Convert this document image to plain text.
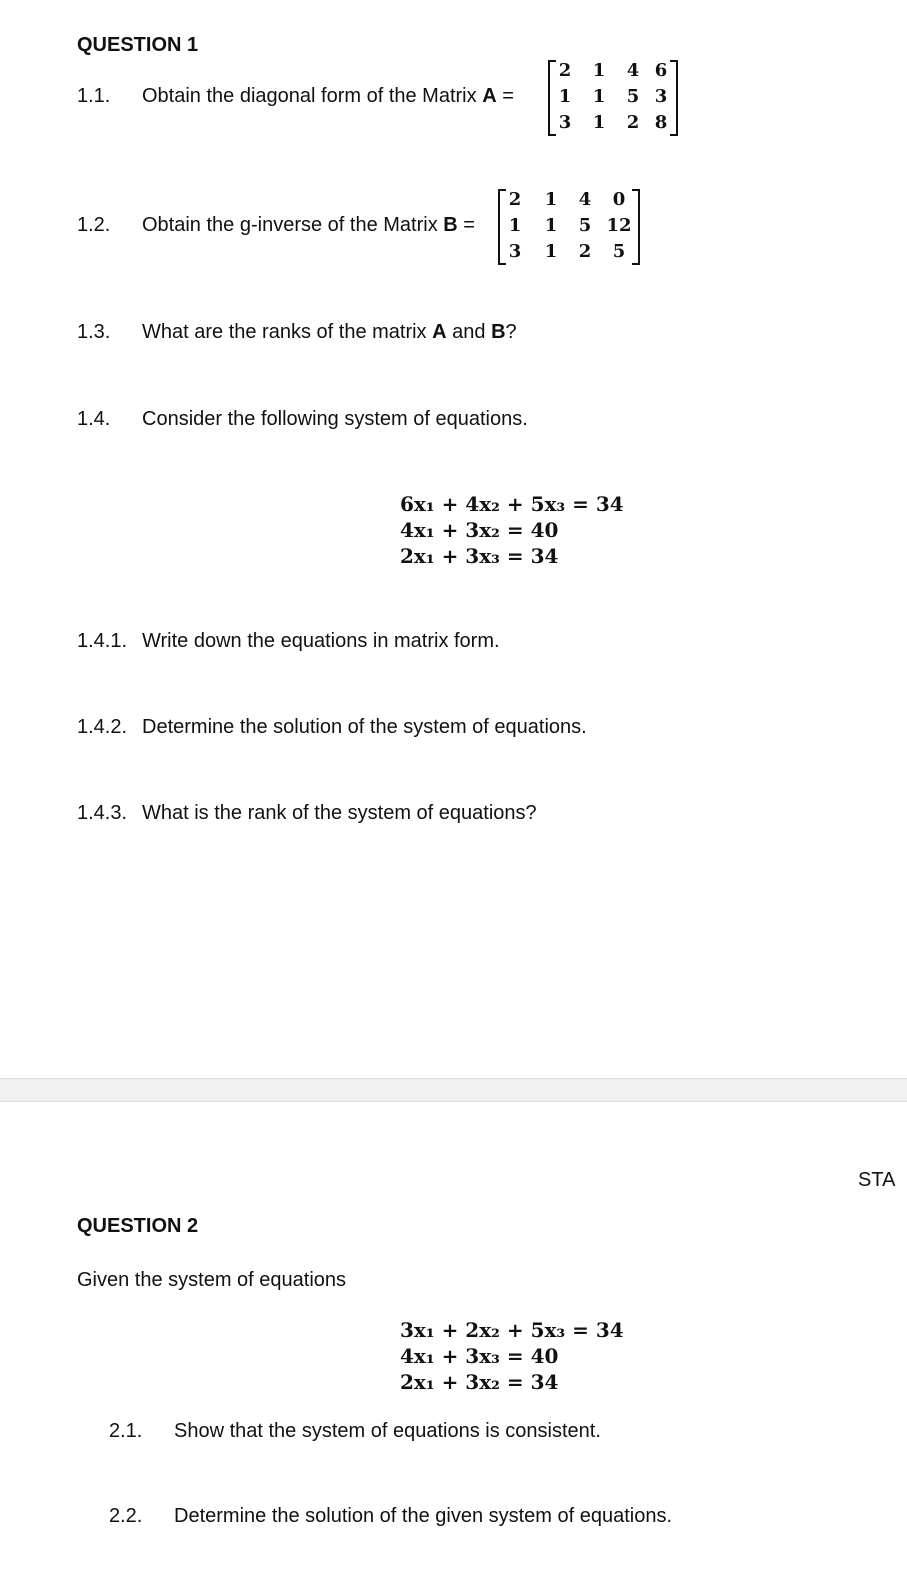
QUESTION 1
1.1. Obtain the diagonal form of the Matrix A =
2	1	4 6
1	1	5 3
3	1	2 8
1.2. Obtain the g-inverse of the Matrix B =
2	1	4	0
1	1	5 12
3	1	2	5
1.3. What are the ranks of the matrix A and B?
1.4. Consider the following system of equations.
6x₁ + 4x₂ + 5x₃ = 34
4x₁ + 3x₂ = 40
2x₁ + 3x₃ = 34
1.4.1. Write down the equations in matrix form.
1.4.2. Determine the solution of the system of equations.
1.4.3. What is the rank of the system of equations?
STA
QUESTION 2
Given the system of equations
3x₁ + 2x₂ + 5x₃ = 34
4x₁ + 3x₃ = 40
2x₁ + 3x₂ = 34
2.1. Show that the system of equations is consistent.
2.2. Determine the solution of the given system of equations.
